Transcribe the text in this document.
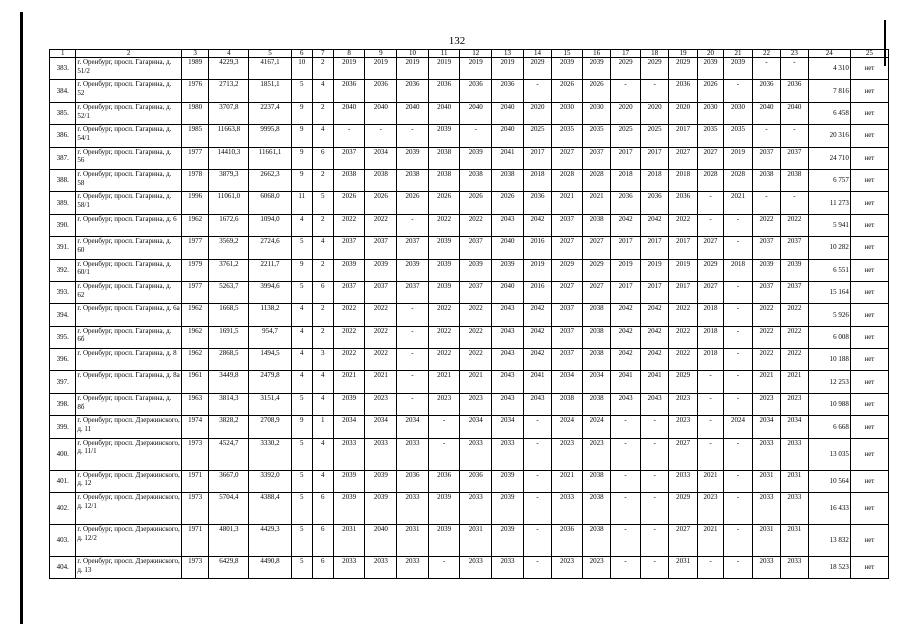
132
1	2	3	4	5	6	7	8	9	10	11	12	13	14	15	16	17	18	19	20	21	22	23	24	25
383.	г. Оренбург, просп. Гагарина, д. 51/2	1989	4229,3	4167,1	10	2	2019	2019	2019	2019	2019	2019	2029	2039	2039	2029	2029	2029	2039	2039	-	-	4 310	нет
384.	г. Оренбург, просп. Гагарина, д. 52	1976	2713,2	1851,1	5	4	2036	2036	2036	2036	2036	2036	-	2026	2026	-	-	2036	2026	-	2036	2036	7 816	нет
385.	г. Оренбург, просп. Гагарина, д. 52/1	1980	3707,8	2237,4	9	2	2040	2040	2040	2040	2040	2040	2020	2030	2030	2020	2020	2020	2030	2030	2040	2040	6 458	нет
386.	г. Оренбург, просп. Гагарина, д. 54/1	1985	11663,8	9995,8	9	4	-	-	-	2039	-	2040	2025	2035	2035	2025	2025	2017	2035	2035	-	-	20 316	нет
387.	г. Оренбург, просп. Гагарина, д. 56	1977	14410,3	11661,1	9	6	2037	2034	2039	2038	2039	2041	2017	2027	2037	2017	2017	2027	2027	2019	2037	2037	24 710	нет
388.	г. Оренбург, просп. Гагарина, д. 58	1978	3879,3	2662,3	9	2	2038	2038	2038	2038	2038	2038	2018	2028	2028	2018	2018	2018	2028	2028	2038	2038	6 757	нет
389.	г. Оренбург, просп. Гагарина, д. 58/1	1996	11061,0	6068,0	11	5	2026	2026	2026	2026	2026	2026	2036	2021	2021	2036	2036	2036	-	2021	-	-	11 273	нет
390.	г. Оренбург, просп. Гагарина, д. 6	1962	1672,6	1094,0	4	2	2022	2022	-	2022	2022	2043	2042	2037	2038	2042	2042	2022	-	-	2022	2022	5 941	нет
391.	г. Оренбург, просп. Гагарина, д. 60	1977	3569,2	2724,6	5	4	2037	2037	2037	2039	2037	2040	2016	2027	2027	2017	2017	2017	2027	-	2037	2037	10 282	нет
392.	г. Оренбург, просп. Гагарина, д. 60/1	1979	3761,2	2211,7	9	2	2039	2039	2039	2039	2039	2039	2019	2029	2029	2019	2019	2019	2029	2018	2039	2039	6 551	нет
393.	г. Оренбург, просп. Гагарина, д. 62	1977	5263,7	3994,6	5	6	2037	2037	2037	2039	2037	2040	2016	2027	2027	2017	2017	2017	2027	-	2037	2037	15 164	нет
394.	г. Оренбург, просп. Гагарина, д. 6а	1962	1668,5	1138,2	4	2	2022	2022	-	2022	2022	2043	2042	2037	2038	2042	2042	2022	2018	-	2022	2022	5 926	нет
395.	г. Оренбург, просп. Гагарина, д. 6б	1962	1691,5	954,7	4	2	2022	2022	-	2022	2022	2043	2042	2037	2038	2042	2042	2022	2018	-	2022	2022	6 008	нет
396.	г. Оренбург, просп. Гагарина, д. 8	1962	2868,5	1494,5	4	3	2022	2022	-	2022	2022	2043	2042	2037	2038	2042	2042	2022	2018	-	2022	2022	10 188	нет
397.	г. Оренбург, просп. Гагарина, д. 8а	1961	3449,8	2479,8	4	4	2021	2021	-	2021	2021	2043	2041	2034	2034	2041	2041	2029	-	-	2021	2021	12 253	нет
398.	г. Оренбург, просп. Гагарина, д. 8б	1963	3814,3	3151,4	5	4	2039	2023	-	2023	2023	2043	2043	2038	2038	2043	2043	2023	-	-	2023	2023	10 988	нет
399.	г. Оренбург, просп. Дзержинского, д. 11	1974	3828,2	2708,9	9	1	2034	2034	2034	-	2034	2034	-	2024	2024	-	-	2023	-	2024	2034	2034	6 668	нет
400.	г. Оренбург, просп. Дзержинского, д. 11/1	1973	4524,7	3330,2	5	4	2033	2033	2033	-	2033	2033	-	2023	2023	-	-	2027	-	-	2033	2033	13 035	нет
401.	г. Оренбург, просп. Дзержинского, д. 12	1971	3667,0	3392,0	5	4	2039	2039	2036	2036	2036	2039	-	2021	2038	-	-	2033	2021	-	2031	2031	10 564	нет
402.	г. Оренбург, просп. Дзержинского, д. 12/1	1973	5704,4	4388,4	5	6	2039	2039	2033	2039	2033	2039	-	2033	2038	-	-	2029	2023	-	2033	2033	16 433	нет
403.	г. Оренбург, просп. Дзержинского, д. 12/2	1971	4801,3	4429,3	5	6	2031	2040	2031	2039	2031	2039	-	2036	2038	-	-	2027	2021	-	2031	2031	13 832	нет
404.	г. Оренбург, просп. Дзержинского, д. 13	1973	6429,8	4490,8	5	6	2033	2033	2033	-	2033	2033	-	2023	2023	-	-	2031	-	-	2033	2033	18 523	нет
